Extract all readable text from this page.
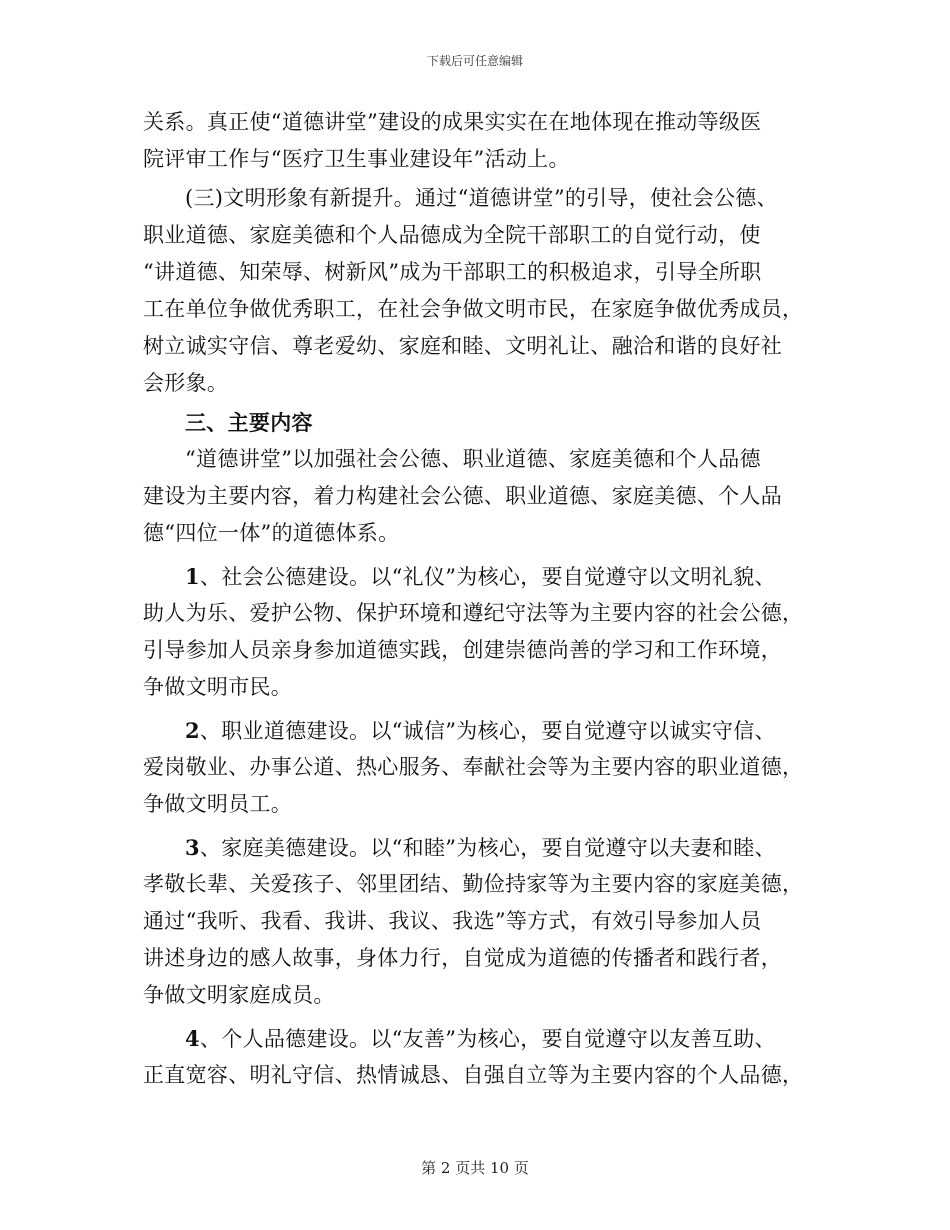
下载后可任意编辑
关系。真正使“道德讲堂”建设的成果实实在在地体现在推动等级医
院评审工作与“医疗卫生事业建设年”活动上。
(三)文明形象有新提升。通过“道德讲堂”的引导，使社会公德、
职业道德、家庭美德和个人品德成为全院干部职工的自觉行动，使
“讲道德、知荣辱、树新风”成为干部职工的积极追求，引导全所职
工在单位争做优秀职工，在社会争做文明市民，在家庭争做优秀成员，
树立诚实守信、尊老爱幼、家庭和睦、文明礼让、融洽和谐的良好社
会形象。
三、主要内容
“道德讲堂”以加强社会公德、职业道德、家庭美德和个人品德
建设为主要内容，着力构建社会公德、职业道德、家庭美德、个人品
德“四位一体”的道德体系。
1、社会公德建设。以“礼仪”为核心，要自觉遵守以文明礼貌、
助人为乐、爱护公物、保护环境和遵纪守法等为主要内容的社会公德，
引导参加人员亲身参加道德实践，创建崇德尚善的学习和工作环境，
争做文明市民。
2、职业道德建设。以“诚信”为核心，要自觉遵守以诚实守信、
爱岗敬业、办事公道、热心服务、奉献社会等为主要内容的职业道德，
争做文明员工。
3、家庭美德建设。以“和睦”为核心，要自觉遵守以夫妻和睦、
孝敬长辈、关爱孩子、邻里团结、勤俭持家等为主要内容的家庭美德，
通过“我听、我看、我讲、我议、我选”等方式，有效引导参加人员
讲述身边的感人故事，身体力行，自觉成为道德的传播者和践行者，
争做文明家庭成员。
4、个人品德建设。以“友善”为核心，要自觉遵守以友善互助、
正直宽容、明礼守信、热情诚恳、自强自立等为主要内容的个人品德，
第 2 页共 10 页
